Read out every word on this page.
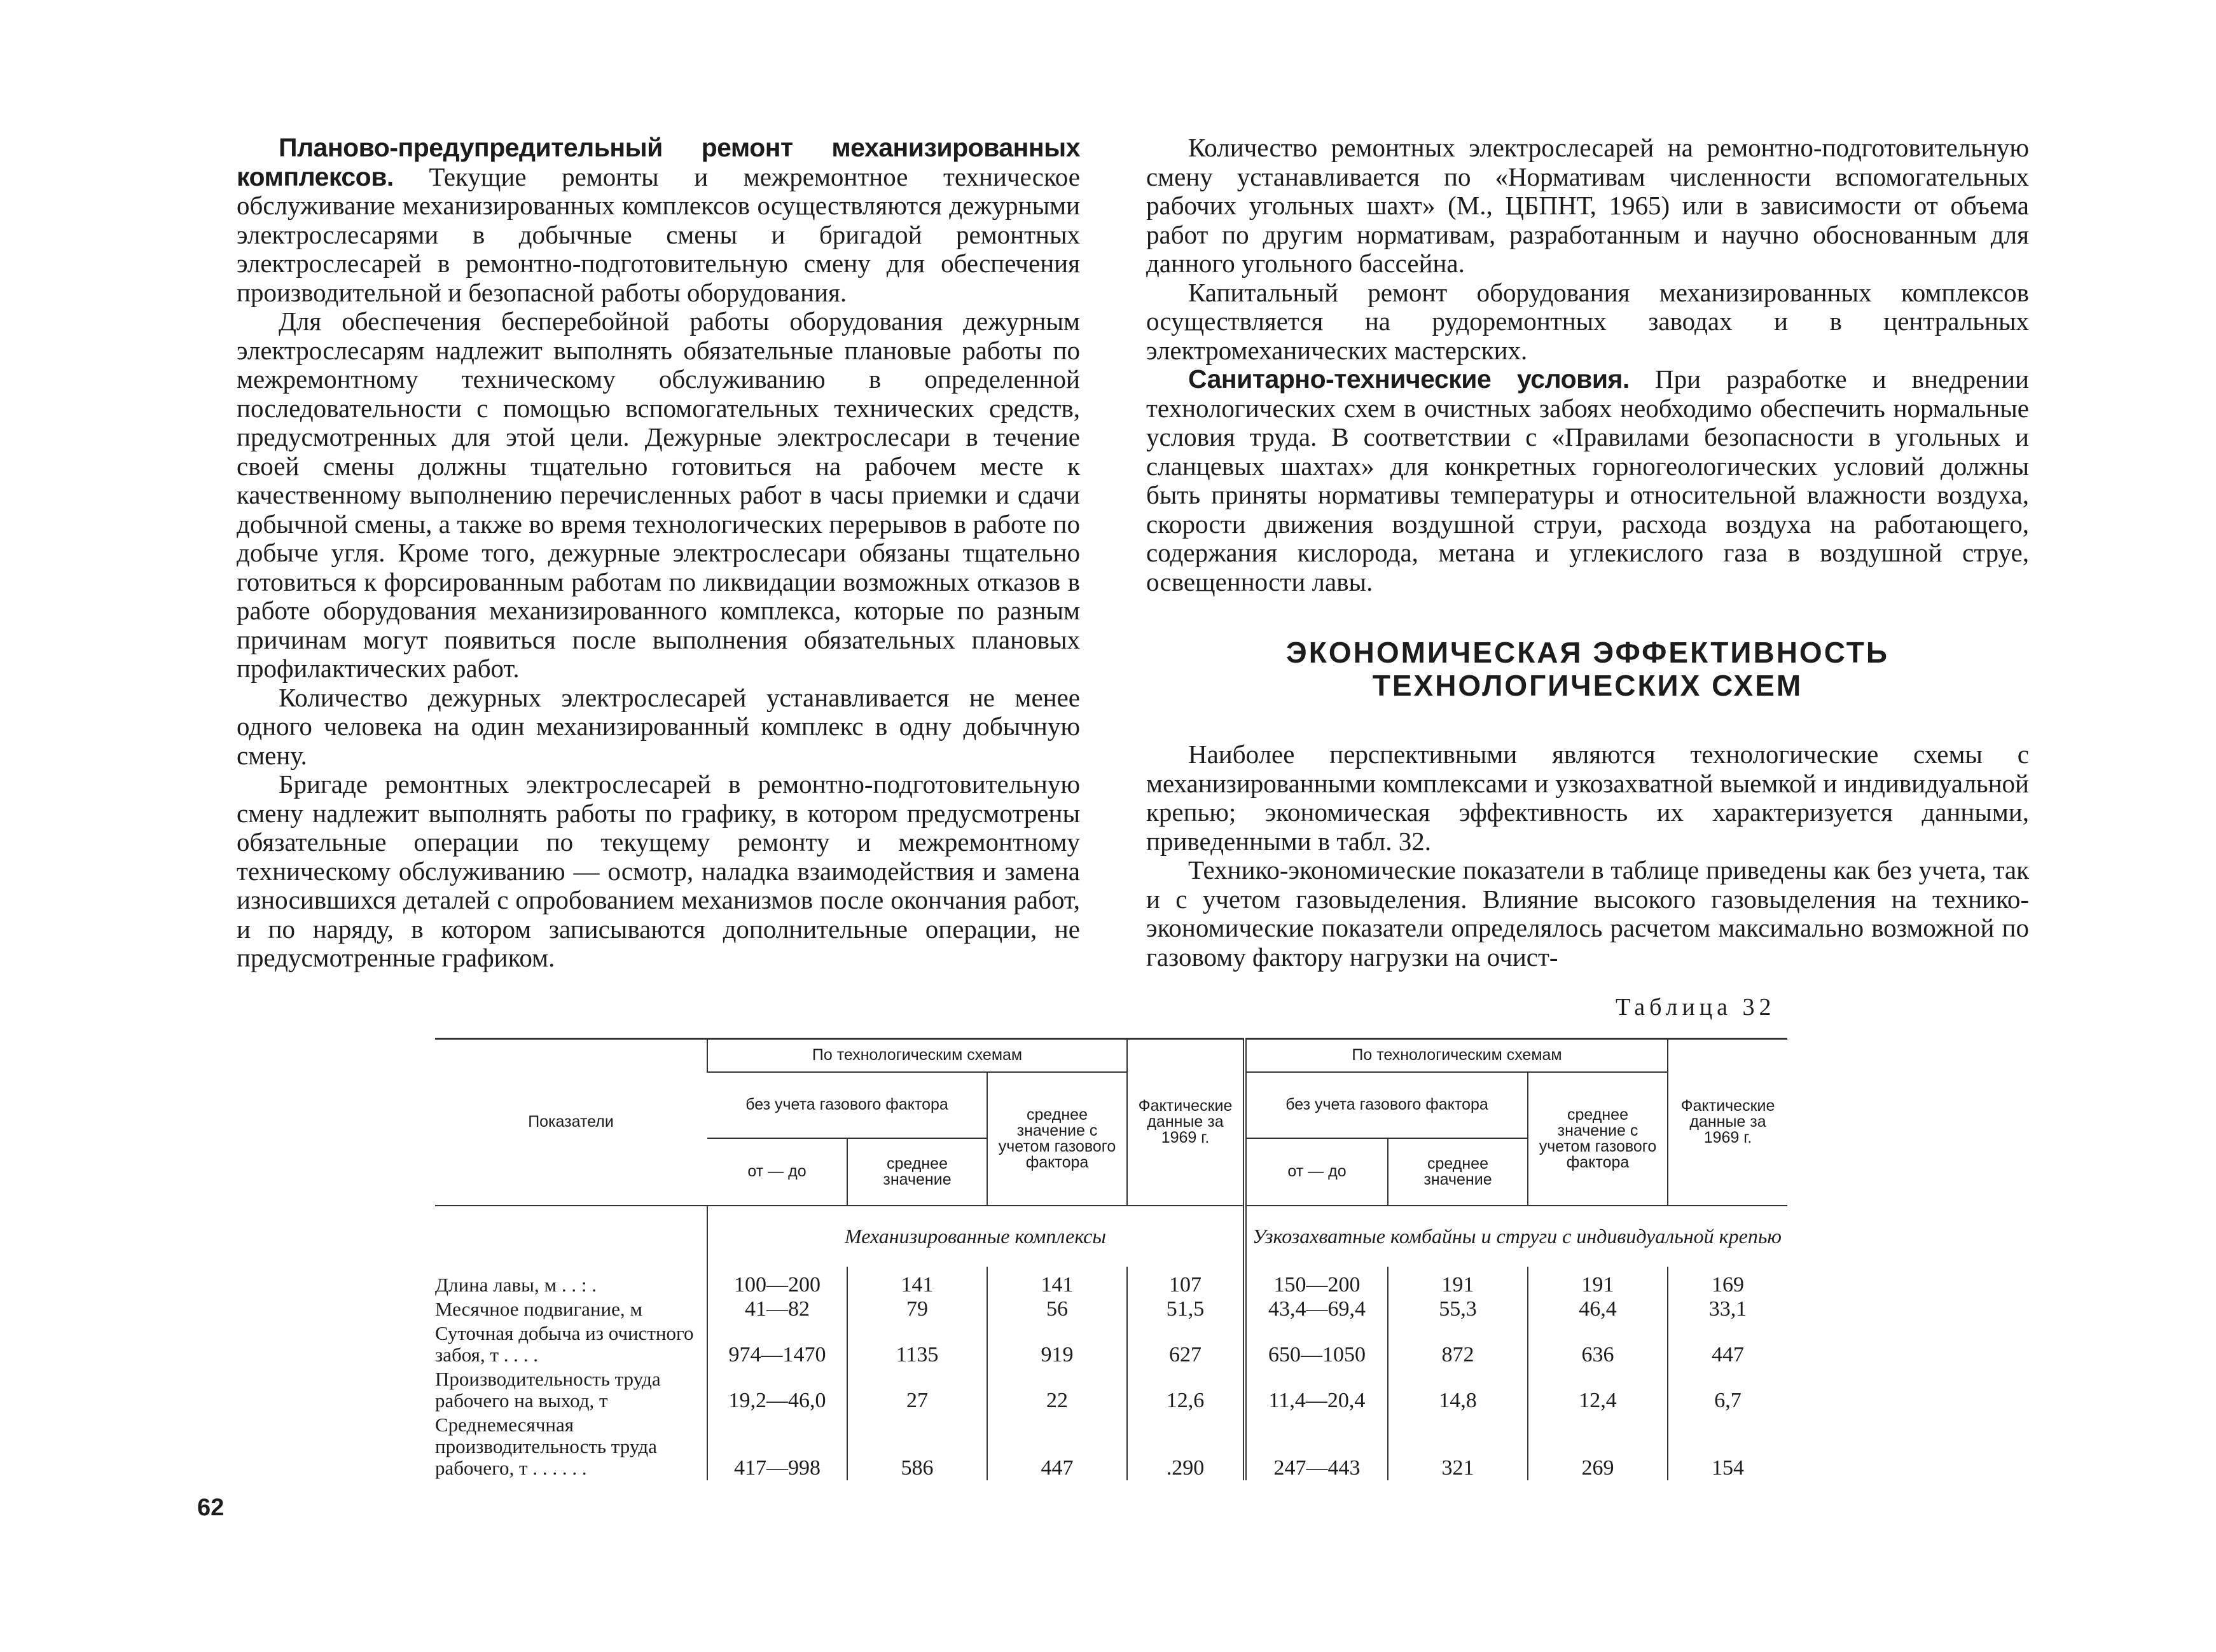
Планово-предупредительный ремонт механизированных комплексов. Текущие ремонты и межремонтное техническое обслуживание механизированных комплексов осуществляются дежурными электрослесарями в добычные смены и бригадой ремонтных электрослесарей в ремонтно-подготовительную смену для обеспечения производительной и безопасной работы оборудования.

Для обеспечения бесперебойной работы оборудования дежурным электрослесарям надлежит выполнять обязательные плановые работы по межремонтному техническому обслуживанию в определенной последовательности с помощью вспомогательных технических средств, предусмотренных для этой цели. Дежурные электрослесари в течение своей смены должны тщательно готовиться на рабочем месте к качественному выполнению перечисленных работ в часы приемки и сдачи добычной смены, а также во время технологических перерывов в работе по добыче угля. Кроме того, дежурные электрослесари обязаны тщательно готовиться к форсированным работам по ликвидации возможных отказов в работе оборудования механизированного комплекса, которые по разным причинам могут появиться после выполнения обязательных плановых профилактических работ.

Количество дежурных электрослесарей устанавливается не менее одного человека на один механизированный комплекс в одну добычную смену.

Бригаде ремонтных электрослесарей в ремонтно-подготовительную смену надлежит выполнять работы по графику, в котором предусмотрены обязательные операции по текущему ремонту и межремонтному техническому обслуживанию — осмотр, наладка взаимодействия и замена износившихся деталей с опробованием механизмов после окончания работ, и по наряду, в котором записываются дополнительные операции, не предусмотренные графиком.

Количество ремонтных электрослесарей на ремонтно-подготовительную смену устанавливается по «Нормативам численности вспомогательных рабочих угольных шахт» (М., ЦБПНТ, 1965) или в зависимости от объема работ по другим нормативам, разработанным и научно обоснованным для данного угольного бассейна.

Капитальный ремонт оборудования механизированных комплексов осуществляется на рудоремонтных заводах и в центральных электромеханических мастерских.

Санитарно-технические условия. При разработке и внедрении технологических схем в очистных забоях необходимо обеспечить нормальные условия труда. В соответствии с «Правилами безопасности в угольных и сланцевых шахтах» для конкретных горногеологических условий должны быть приняты нормативы температуры и относительной влажности воздуха, скорости движения воздушной струи, расхода воздуха на работающего, содержания кислорода, метана и углекислого газа в воздушной струе, освещенности лавы.

ЭКОНОМИЧЕСКАЯ ЭФФЕКТИВНОСТЬ
ТЕХНОЛОГИЧЕСКИХ СХЕМ

Наиболее перспективными являются технологические схемы с механизированными комплексами и узкозахватной выемкой и индивидуальной крепью; экономическая эффективность их характеризуется данными, приведенными в табл. 32.

Технико-экономические показатели в таблице приведены как без учета, так и с учетом газовыделения. Влияние высокого газовыделения на технико-экономические показатели определялось расчетом максимально возможной по газовому фактору нагрузки на очист-

Таблица 32
Показатели	По технологическим схемам			Фактические данные за 1969 г.	По технологическим схемам			Фактические данные за 1969 г.
	без учета газового фактора		среднее значение с учетом газового фактора		без учета газового фактора		среднее значение с учетом газового фактора	
	от — до	среднее значение			от — до	среднее значение		
	Механизированные комплексы				Узкозахватные комбайны и струги с индивидуальной крепью			
Длина лавы, м . . : .	100—200	141	141	107	150—200	191	191	169
Месячное подвигание, м	41—82	79	56	51,5	43,4—69,4	55,3	46,4	33,1
Суточная добыча из очистного забоя, т . . . .	974—1470	1135	919	627	650—1050	872	636	447
Производительность труда рабочего на выход, т	19,2—46,0	27	22	12,6	11,4—20,4	14,8	12,4	6,7
Среднемесячная производительность труда рабочего, т . . . . . .	417—998	586	447	.290	247—443	321	269	154
62
